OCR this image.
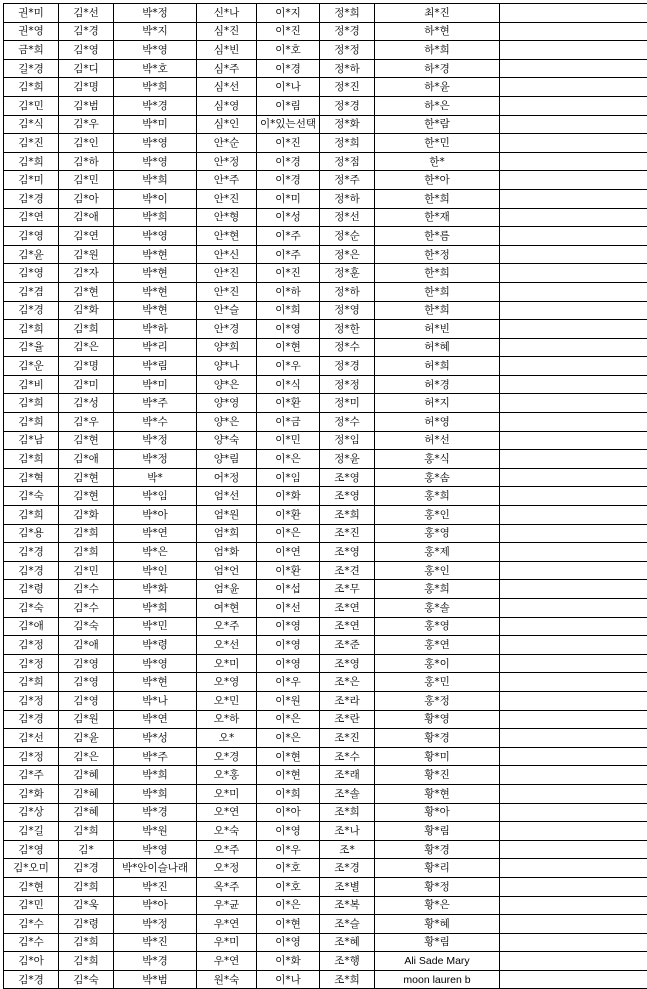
권*미	김*선	박*정	신*나	이*지	정*희	최*진	
권*영	김*경	박*지	심*진	이*진	정*경	하*현	
금*희	김*영	박*영	심*빈	이*호	정*정	하*희	
길*경	김*디	박*호	심*주	이*경	정*하	하*경	
김*희	김*명	박*희	심*선	이*나	정*진	하*윤	
김*민	김*범	박*경	심*영	이*림	정*경	하*은	
김*식	김*우	박*미	심*인	이*있는선택	정*화	한*람	
김*진	김*인	박*영	안*순	이*진	정*희	한*민	
김*희	김*하	박*영	안*정	이*경	정*점	한*	
김*미	김*민	박*희	안*주	이*경	정*주	한*아	
김*경	김*아	박*이	안*진	이*미	정*하	한*희	
김*연	김*애	박*희	안*형	이*성	정*선	한*재	
김*영	김*연	박*영	안*현	이*주	정*순	한*름	
김*윤	김*원	박*현	안*신	이*주	정*은	한*정	
김*영	김*자	박*현	안*진	이*진	정*훈	한*희	
김*겸	김*현	박*현	안*진	이*하	정*하	한*희	
김*경	김*화	박*현	안*슬	이*희	정*영	한*희	
김*희	김*희	박*하	안*경	이*영	정*한	허*빈	
김*율	김*은	박*리	양*희	이*현	정*수	허*혜	
김*운	김*명	박*림	양*나	이*우	정*경	허*희	
김*비	김*미	박*미	양*은	이*식	정*정	허*경	
김*희	김*성	박*주	양*영	이*환	정*미	허*지	
김*희	김*우	박*수	양*은	이*금	정*수	허*영	
김*남	김*현	박*정	양*숙	이*민	정*임	허*선	
김*희	김*애	박*정	양*림	이*은	정*윤	홍*식	
김*혁	김*현	박*	어*정	이*임	조*영	홍*솜	
김*숙	김*현	박*임	엄*선	이*화	조*영	홍*희	
김*희	김*화	박*아	엄*원	이*환	조*희	홍*인	
김*용	김*희	박*연	엄*희	이*은	조*진	홍*영	
김*경	김*희	박*은	엄*화	이*연	조*영	홍*제	
김*경	김*민	박*인	엄*언	이*환	조*견	홍*인	
김*령	김*수	박*화	엄*윤	이*섭	조*무	홍*희	
김*숙	김*수	박*희	여*현	이*선	조*연	홍*솔	
김*애	김*숙	박*민	오*주	이*영	조*연	홍*영	
김*정	김*애	박*령	오*선	이*영	조*준	홍*연	
김*정	김*영	박*영	오*미	이*영	조*영	홍*이	
김*희	김*영	박*현	오*영	이*우	조*은	홍*민	
김*정	김*영	박*나	오*민	이*원	조*라	홍*정	
김*경	김*원	박*연	오*하	이*은	조*란	황*영	
김*선	김*윤	박*성	오*	이*은	조*진	황*경	
김*정	김*은	박*주	오*경	이*현	조*수	황*미	
김*주	김*혜	박*희	오*홍	이*현	조*래	황*진	
김*화	김*혜	박*희	오*미	이*희	조*솔	황*현	
김*상	김*혜	박*경	오*연	이*아	조*희	황*아	
김*길	김*희	박*원	오*숙	이*영	조*나	황*림	
김*영	김*	박*영	오*주	이*우	조*	황*경	
김*오미	김*경	박*안이슬나래	오*정	이*호	조*경	황*리	
김*현	김*희	박*진	옥*주	이*호	조*별	황*정	
김*민	김*욱	박*아	우*균	이*은	조*복	황*은	
김*수	김*령	박*정	우*연	이*현	조*슬	황*혜	
김*수	김*희	박*진	우*미	이*영	조*혜	황*림	
김*아	김*희	박*경	우*연	이*화	조*행	Ali Sade Mary	
김*경	김*숙	박*범	원*숙	이*나	조*희	moon lauren b	
